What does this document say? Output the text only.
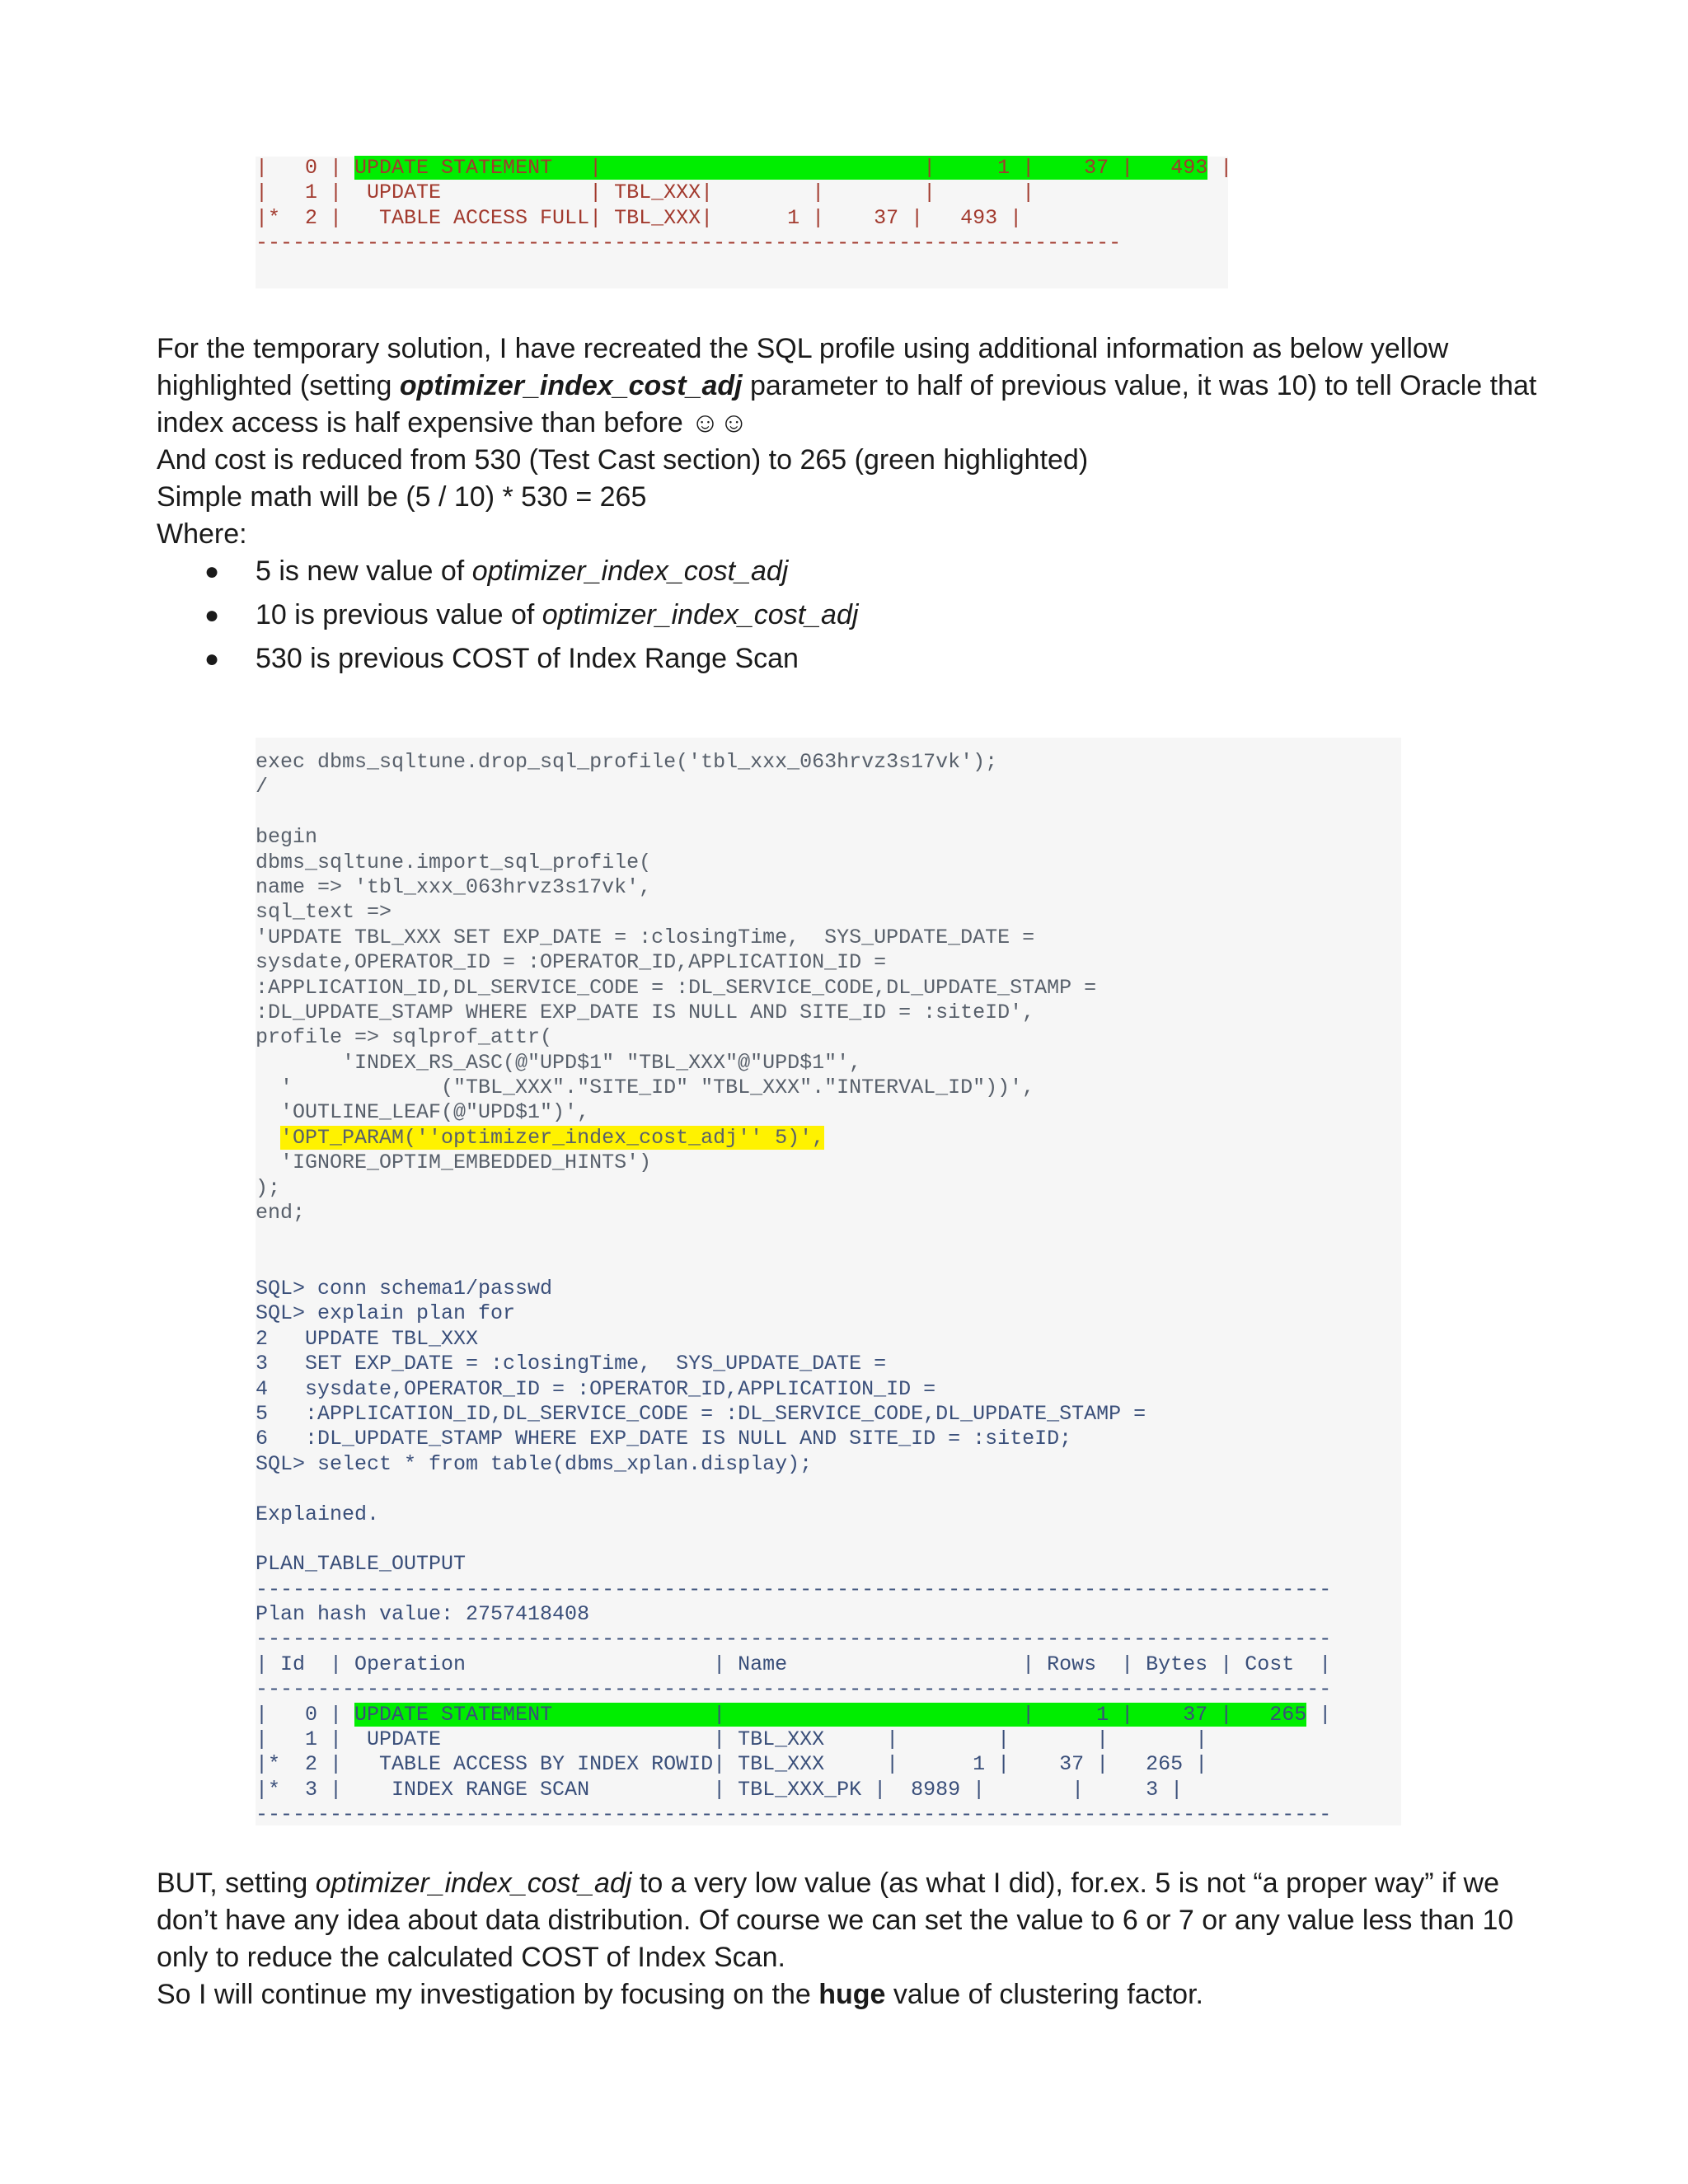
|   0 | UPDATE STATEMENT   |                          |     1 |    37 |   493 |
|   1 |  UPDATE            | TBL_XXX|        |        |       |
|*  2 |   TABLE ACCESS FULL| TBL_XXX|      1 |    37 |   493 |
----------------------------------------------------------------------

For the temporary solution, I have recreated the SQL profile using additional information as below yellow

highlighted (setting optimizer_index_cost_adj parameter to half of previous value, it was 10) to tell Oracle that

index access is half expensive than before ☺☺

And cost is reduced from 530 (Test Cast section) to 265 (green highlighted)

Simple math will be (5 / 10) * 530 = 265

Where:

● 5 is new value of optimizer_index_cost_adj
● 10 is previous value of optimizer_index_cost_adj
● 530 is previous COST of Index Range Scan
exec dbms_sqltune.drop_sql_profile('tbl_xxx_063hrvz3s17vk');
/
begin
dbms_sqltune.import_sql_profile(
name => 'tbl_xxx_063hrvz3s17vk',
sql_text =>
'UPDATE TBL_XXX SET EXP_DATE = :closingTime,  SYS_UPDATE_DATE =
sysdate,OPERATOR_ID = :OPERATOR_ID,APPLICATION_ID =
:APPLICATION_ID,DL_SERVICE_CODE = :DL_SERVICE_CODE,DL_UPDATE_STAMP =
:DL_UPDATE_STAMP WHERE EXP_DATE IS NULL AND SITE_ID = :siteID',
profile => sqlprof_attr(
'INDEX_RS_ASC(@"UPD$1" "TBL_XXX"@"UPD$1"',
'            ("TBL_XXX"."SITE_ID" "TBL_XXX"."INTERVAL_ID"))',
'OUTLINE_LEAF(@"UPD$1")',
'OPT_PARAM(''optimizer_index_cost_adj'' 5)',
'IGNORE_OPTIM_EMBEDDED_HINTS')
);
end;
SQL> conn schema1/passwd
SQL> explain plan for
2   UPDATE TBL_XXX
3   SET EXP_DATE = :closingTime,  SYS_UPDATE_DATE =
4   sysdate,OPERATOR_ID = :OPERATOR_ID,APPLICATION_ID =
5   :APPLICATION_ID,DL_SERVICE_CODE = :DL_SERVICE_CODE,DL_UPDATE_STAMP =
6   :DL_UPDATE_STAMP WHERE EXP_DATE IS NULL AND SITE_ID = :siteID;
SQL> select * from table(dbms_xplan.display);
Explained.
PLAN_TABLE_OUTPUT
---------------------------------------------------------------------------------------
Plan hash value: 2757418408
---------------------------------------------------------------------------------------
| Id  | Operation                    | Name                   | Rows  | Bytes | Cost  |
---------------------------------------------------------------------------------------
|   0 | UPDATE STATEMENT             |                        |     1 |    37 |   265 |
|   1 |  UPDATE                      | TBL_XXX     |        |       |       |
|*  2 |   TABLE ACCESS BY INDEX ROWID| TBL_XXX     |      1 |    37 |   265 |
|*  3 |    INDEX RANGE SCAN          | TBL_XXX_PK |  8989 |       |     3 |
---------------------------------------------------------------------------------------

BUT, setting optimizer_index_cost_adj to a very low value (as what I did), for.ex. 5 is not “a proper way” if we

don’t have any idea about data distribution. Of course we can set the value to 6 or 7 or any value less than 10

only to reduce the calculated COST of Index Scan.

So I will continue my investigation by focusing on the huge value of clustering factor.
